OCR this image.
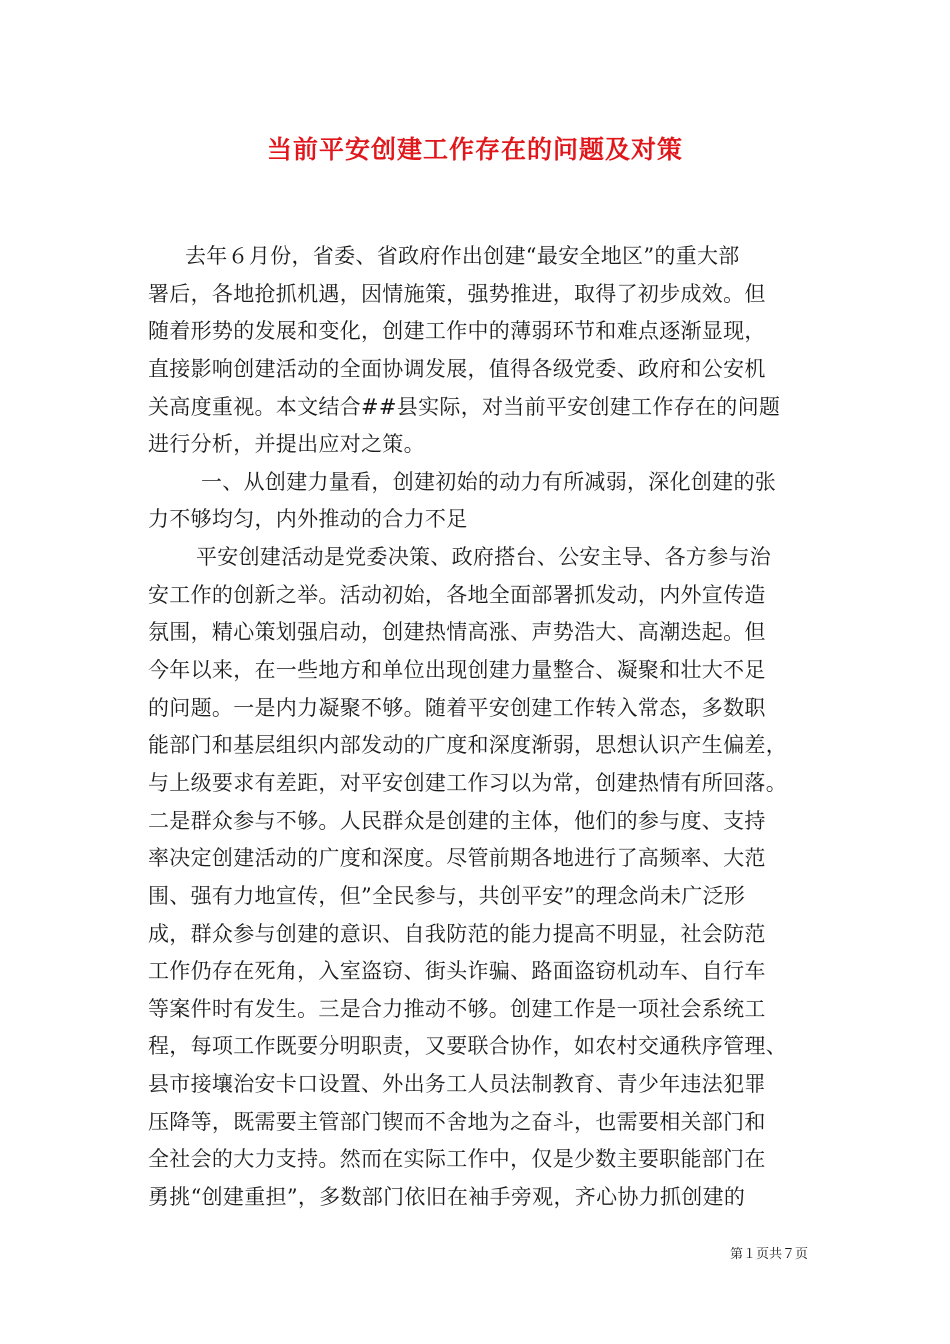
当前平安创建工作存在的问题及对策
去年６月份，省委、省政府作出创建“最安全地区”的重大部
署后，各地抢抓机遇，因情施策，强势推进，取得了初步成效。但
随着形势的发展和变化，创建工作中的薄弱环节和难点逐渐显现，
直接影响创建活动的全面协调发展，值得各级党委、政府和公安机
关高度重视。本文结合##县实际，对当前平安创建工作存在的问题
进行分析，并提出应对之策。
一、从创建力量看，创建初始的动力有所减弱，深化创建的张
力不够均匀，内外推动的合力不足
平安创建活动是党委决策、政府搭台、公安主导、各方参与治
安工作的创新之举。活动初始，各地全面部署抓发动，内外宣传造
氛围，精心策划强启动，创建热情高涨、声势浩大、高潮迭起。但
今年以来，在一些地方和单位出现创建力量整合、凝聚和壮大不足
的问题。一是内力凝聚不够。随着平安创建工作转入常态，多数职
能部门和基层组织内部发动的广度和深度渐弱，思想认识产生偏差，
与上级要求有差距，对平安创建工作习以为常，创建热情有所回落。
二是群众参与不够。人民群众是创建的主体，他们的参与度、支持
率决定创建活动的广度和深度。尽管前期各地进行了高频率、大范
围、强有力地宣传，但”全民参与，共创平安”的理念尚未广泛形
成，群众参与创建的意识、自我防范的能力提高不明显，社会防范
工作仍存在死角，入室盗窃、街头诈骗、路面盗窃机动车、自行车
等案件时有发生。三是合力推动不够。创建工作是一项社会系统工
程，每项工作既要分明职责，又要联合协作，如农村交通秩序管理、
县市接壤治安卡口设置、外出务工人员法制教育、青少年违法犯罪
压降等，既需要主管部门锲而不舍地为之奋斗，也需要相关部门和
全社会的大力支持。然而在实际工作中，仅是少数主要职能部门在
勇挑“创建重担”，多数部门依旧在袖手旁观，齐心协力抓创建的
第１页共７页
